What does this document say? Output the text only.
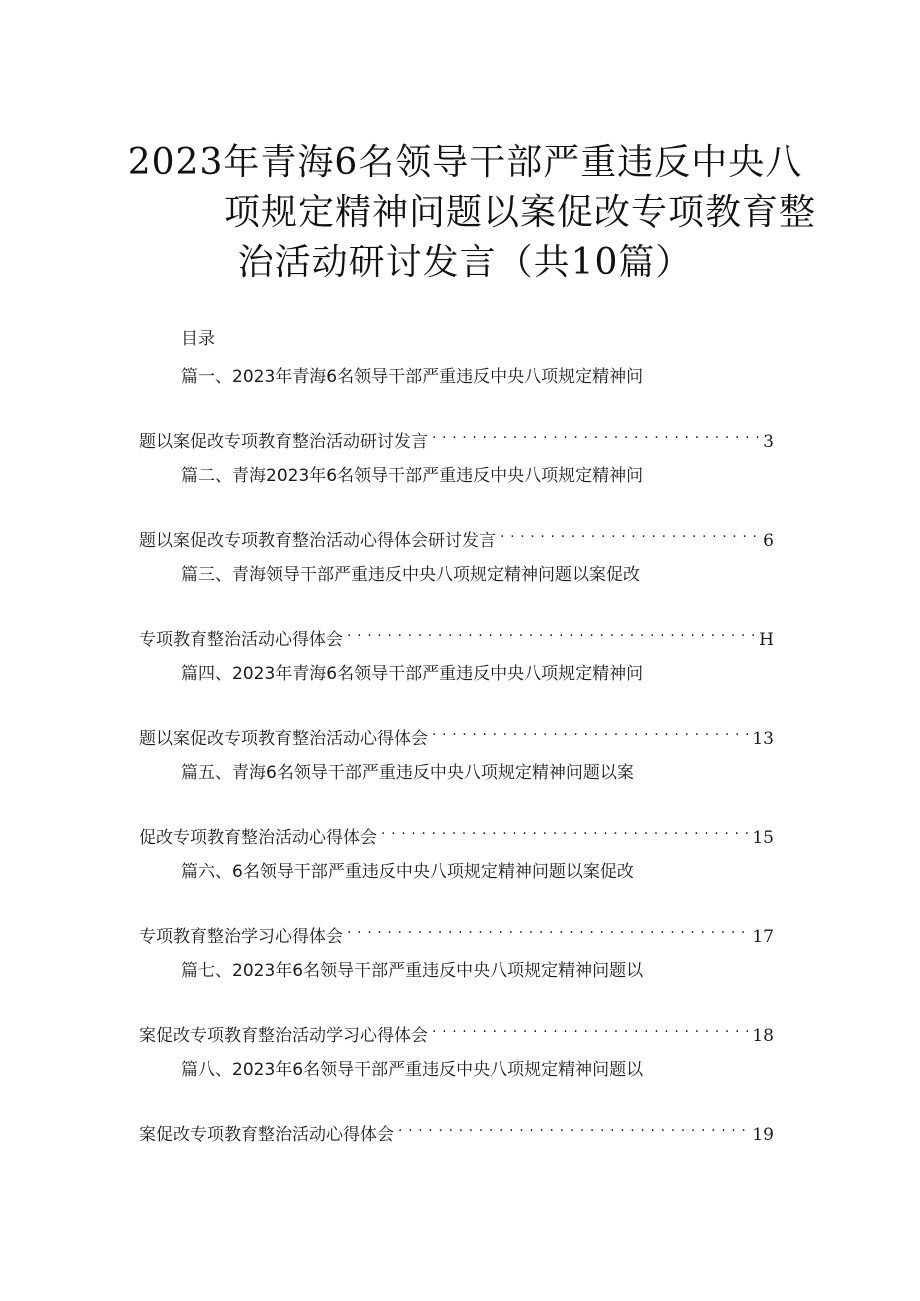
2023年青海6名领导干部严重违反中央八
项规定精神问题以案促改专项教育整
治活动研讨发言（共10篇）
目录
篇一、2023年青海6名领导干部严重违反中央八项规定精神问
题以案促改专项教育整治活动研讨发言 . . .	3
篇二、青海2023年6名领导干部严重违反中央八项规定精神问
题以案促改专项教育整治活动心得体会研讨发言 . . .	6
篇三、青海领导干部严重违反中央八项规定精神问题以案促改
专项教育整治活动心得体会 . . .	H
篇四、2023年青海6名领导干部严重违反中央八项规定精神问
题以案促改专项教育整治活动心得体会 . . .	13
篇五、青海6名领导干部严重违反中央八项规定精神问题以案
促改专项教育整治活动心得体会 . . .	15
篇六、6名领导干部严重违反中央八项规定精神问题以案促改
专项教育整治学习心得体会 . . .	17
篇七、2023年6名领导干部严重违反中央八项规定精神问题以
案促改专项教育整治活动学习心得体会 . . .	18
篇八、2023年6名领导干部严重违反中央八项规定精神问题以
案促改专项教育整治活动心得体会 . . .	19
